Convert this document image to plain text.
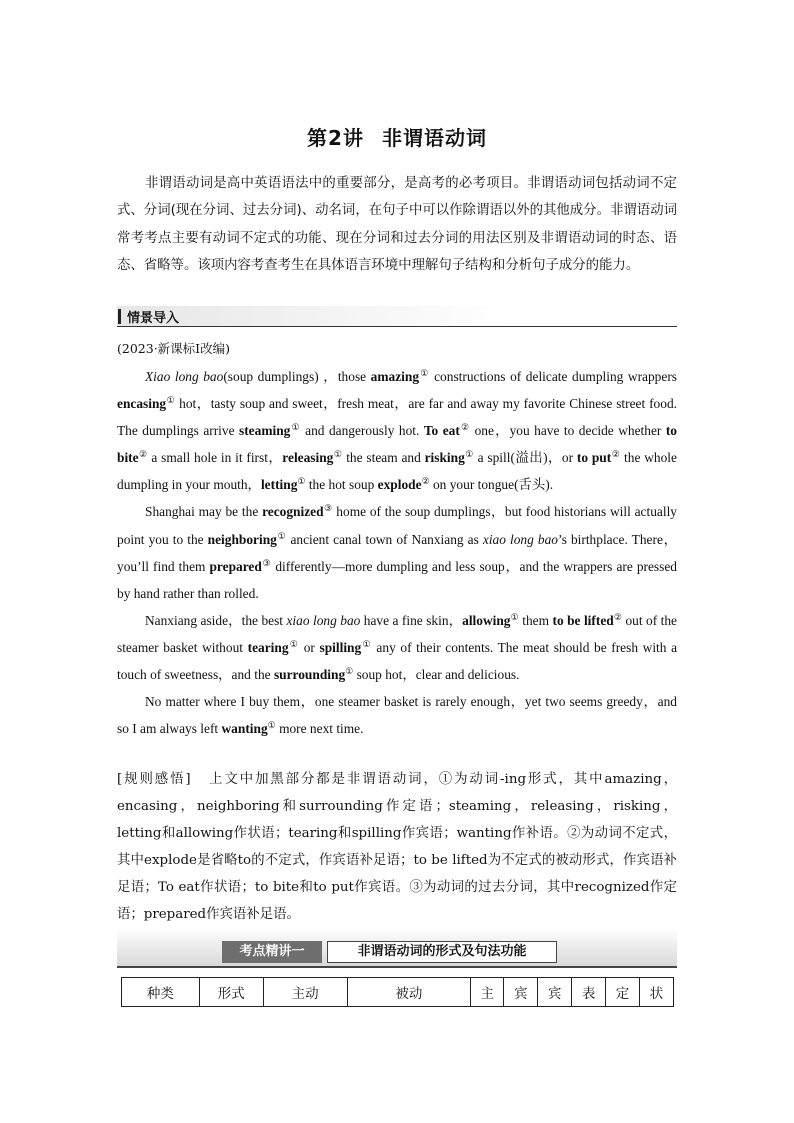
第2讲 非谓语动词
非谓语动词是高中英语语法中的重要部分，是高考的必考项目。非谓语动词包括动词不定式、分词(现在分词、过去分词)、动名词，在句子中可以作除谓语以外的其他成分。非谓语动词常考考点主要有动词不定式的功能、现在分词和过去分词的用法区别及非谓语动词的时态、语态、省略等。该项内容考查考生在具体语言环境中理解句子结构和分析句子成分的能力。
情景导入
(2023·新课标Ⅰ改编)

Xiao long bao(soup dumplings) ，those amazing① constructions of delicate dumpling wrappers encasing① hot，tasty soup and sweet，fresh meat，are far and away my favorite Chinese street food. The dumplings arrive steaming① and dangerously hot. To eat② one，you have to decide whether to bite② a small hole in it first，releasing① the steam and risking① a spill(溢出)，or to put② the whole dumpling in your mouth，letting① the hot soup explode② on your tongue(舌头).

Shanghai may be the recognized③ home of the soup dumplings，but food historians will actually point you to the neighboring① ancient canal town of Nanxiang as xiao long bao’s birthplace. There，you’ll find them prepared③ differently—more dumpling and less soup，and the wrappers are pressed by hand rather than rolled.

Nanxiang aside，the best xiao long bao have a fine skin，allowing① them to be lifted② out of the steamer basket without tearing① or spilling① any of their contents. The meat should be fresh with a touch of sweetness，and the surrounding① soup hot，clear and delicious.

No matter where I buy them，one steamer basket is rarely enough，yet two seems greedy，and so I am always left wanting① more next time.

[规则感悟] 上文中加黑部分都是非谓语动词，①为动词-ing形式，其中amazing，encasing，neighboring和surrounding作定语；steaming，releasing，risking，letting和allowing作状语；tearing和spilling作宾语；wanting作补语。②为动词不定式，其中explode是省略to的不定式，作宾语补足语；to be lifted为不定式的被动形式，作宾语补足语；To eat作状语；to bite和to put作宾语。③为动词的过去分词，其中recognized作定语；prepared作宾语补足语。
考点精讲一	非谓语动词的形式及句法功能
种类	形式	主动	被动	主	宾	宾	表	定	状
